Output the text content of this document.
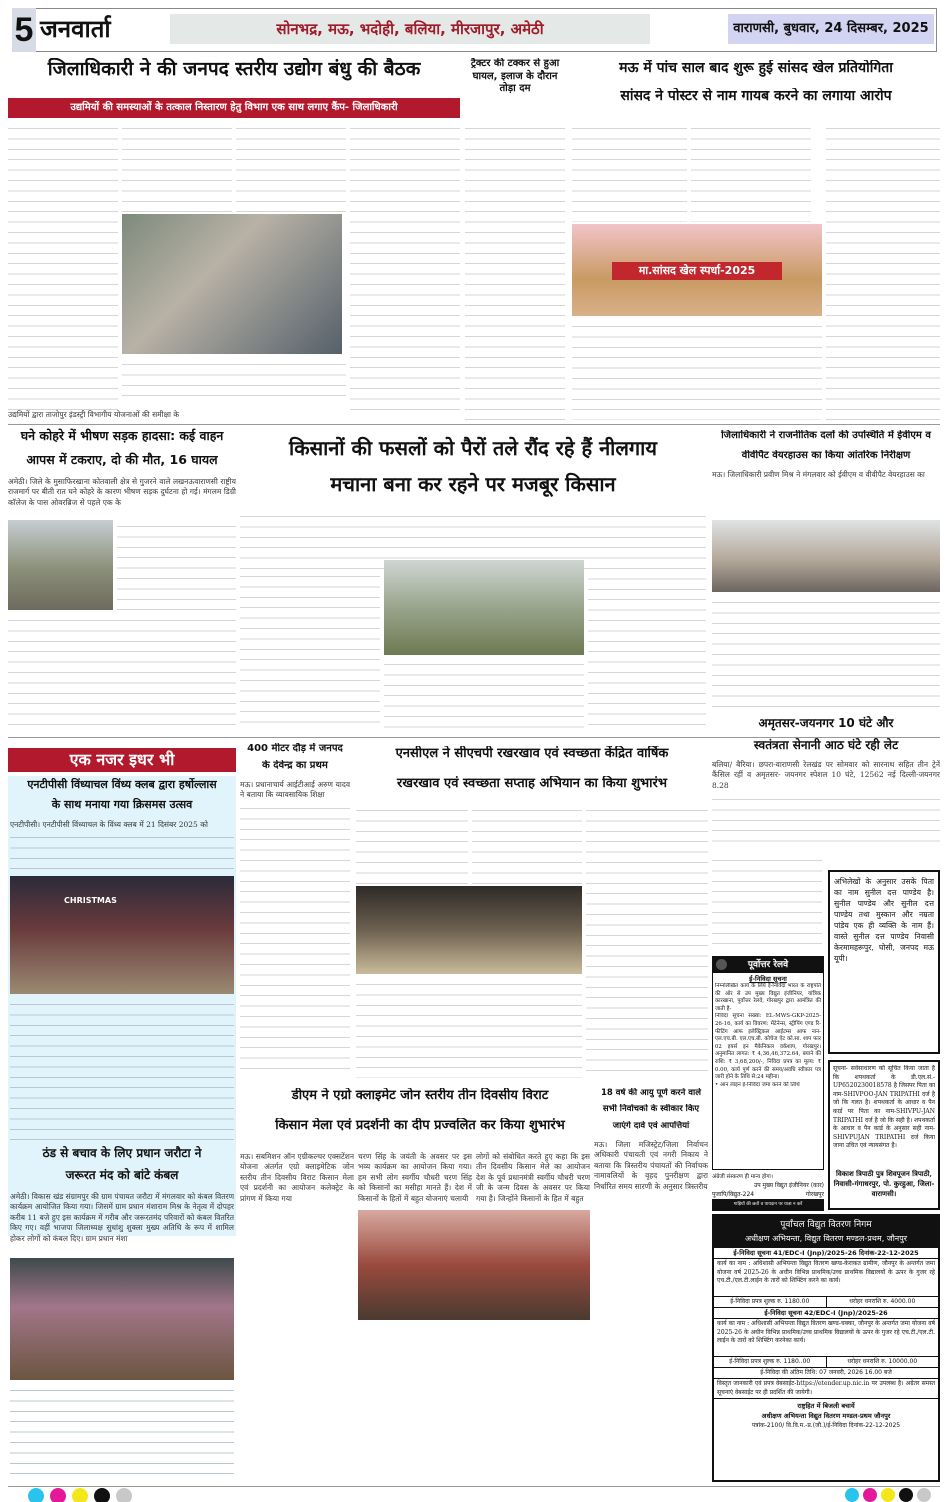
5 जनवार्ता	सोनभद्र, मऊ, भदोही, बलिया, मीरजापुर, अमेठी	वाराणसी, बुधवार, 24 दिसम्बर, 2025
जिलाधिकारी ने की जनपद स्तरीय उद्योग बंधु की बैठक
उद्यमियों की समस्याओं के तत्काल निस्तारण हेतु विभाग एक साथ लगाए कैंप- जिलाधिकारी
उद्यमियों द्वारा ताजोपुर इंडस्ट्री विभागीय योजनाओं की समीक्षा के
ट्रैक्टर की टक्कर से हुआ घायल, इलाज के दौरान तोड़ा दम
मऊ में पांच साल बाद शुरू हुई सांसद खेल प्रतियोगिता
सांसद ने पोस्टर से नाम गायब करने का लगाया आरोप
मा.सांसद खेल स्पर्धा-2025
घने कोहरे में भीषण सड़क हादसा: कई वाहन
आपस में टकराए, दो की मौत, 16 घायल
अमेठी। जिले के मुसाफिरखाना कोतवाली क्षेत्र से गुजरने वाले लखनऊवाराणसी राष्ट्रीय राजमार्ग पर बीती रात घने कोहरे के कारण भीषण सड़क दुर्घटना हो गई। मंगलम डिग्री कॉलेज के पास ओवरब्रिज से पहले एक के
किसानों की फसलों को पैरों तले रौंद रहे हैं नीलगाय
मचाना बना कर रहने पर मजबूर किसान
जिलाधिकारी ने राजनीतिक दलों की उपस्थिति में ईवीएम व
वीवीपैट वेयरहाउस का किया आंतरिक निरीक्षण
मऊ। जिलाधिकारी प्रवीण मिश्र ने मंगलवार को ईवीएम व वीवीपैट वेयरहाउस का
एक नजर इधर भी
एनटीपीसी विंध्याचल विंध्य क्लब द्वारा हर्षोल्लास
के साथ मनाया गया क्रिसमस उत्सव
एनटीपीसी। एनटीपीसी विंध्याचल के विंध्य क्लब में 21 दिसंबर 2025 को
CHRISTMAS
ठंड से बचाव के लिए प्रधान जरौटा ने
जरूरत मंद को बांटे कंबल
अमेठी। विकास खंड संग्रामपुर की ग्राम पंचायत जरौटा में मंगलवार को कंबल वितरण कार्यक्रम आयोजित किया गया। जिसमें ग्राम प्रधान मंशाराम मिश्र के नेतृत्व में दोपहर करीब 11 बजे हुए इस कार्यक्रम में गरीब और जरूरतमंद परिवारों को कंबल वितरित किए गए। वहीं भाजपा जिलाध्यक्ष सुधांशु शुक्ला मुख्य अतिथि के रूप में शामिल होकर लोगों को कंबल दिए। ग्राम प्रधान मंशा
400 मीटर दौड़ में जनपद
के देवेन्द्र का प्रथम
मऊ। प्रधानाचार्य आईटीआई अरुण यादव ने बताया कि व्यावसायिक शिक्षा
एनसीएल ने सीएचपी रखरखाव एवं स्वच्छता केंद्रित वार्षिक
रखरखाव एवं स्वच्छता सप्ताह अभियान का किया शुभारंभ
अमृतसर-जयनगर 10 घंटे और
स्वतंत्रता सेनानी आठ घंटे रही लेट
बलिया/ बैरिया। छपरा-वाराणसी रेलखंड पर सोमवार को सारनाथ सहित तीन ट्रेनें कैंसिल रहीं व अमृतसर- जयनगर स्पेशल 10 घंटे, 12562 नई दिल्ली-जयनगर 8.28
अभिलेखों के अनुसार उसके पिता का नाम सुनील दत्त पाण्डेय है। सुनील पाण्डेय और सुनील दत्त पाण्डेय तथा मुस्कान और नम्रता पांडेय एक ही व्यक्ति के नाम हैं। वास्ते सुनील दत्त पाण्डेय निवासी केरमामहरूपुर, घोसी, जनपद मऊ यूपी।
पूर्वोत्तर रेलवे
ई-निविदा सूचना
निम्नलिखित कार्य के लिये ई-निविदा भारत के राष्ट्रपति की ओर से उप मुख्य विद्युत इंजीनियर, यांत्रिक कारखाना, पूर्वोत्तर रेलवे, गोरखपुर द्वारा आमंत्रित की जाती है-
निविदा सूचना संख्या: EL-MWS-GKP-2025-26-16, कार्य का विवरण: मेंटेनेन्स, स्ट्रीपिंग एण्ड रि-फीटिंग आफ इलेक्ट्रिकल आईटम्स आफ नान-एल.एच.बी. एल.एच.बी. कोचेज ऐट को.सा. शाप फार 02 इयर्स इन मैकेनिकल वर्कशाप, गोरखपुर। अनुमानित लागत: ₹ 4,36,46,372.64, बयाने की राशि: ₹ 3,68,200/-, निविदा प्रपत्र का मूल्य: ₹ 0.00, कार्य पूर्ण करने की समय/अवधि स्वीकार पत्र जारी होने के तिथि से:24 महीना।
• आन लाइन ई-निविदा जमा करने की तिथि
अंग्रेजी संस्करण ही मान्य होगा।
उप मुख्य विद्युत इंजीनियर (कार)
पुजापि/विद्युत-224	गोरखपुर
गाड़ियों की छतों व पायदान पर यात्रा न करें
सूचना- सर्वसाधारण को सूचित किया जाता है कि शपथकर्ता के डी.एल.सं.-UP6520230018578 है जिसपर पिता का नाम-SHIVPOO-JAN TRIPATHI दर्ज है जो कि गलत है। शपथकर्ता के आधार व पैन कार्ड पर पिता का नाम-SHIVPU-JAN TRIPATHI दर्ज है जो कि सही है। शपथकर्ता के आधार व पैन कार्ड के अनुसार सही नाम-SHIVPUJAN TRIPATHI दर्ज किया जाना उचित एवं न्यायसंगत है।
विकाश त्रिपाठी पुत्र शिवपूजन त्रिपाठी, निवासी-गंगाधरपुर, पो. कुरहुआ, जिला-वाराणसी।
डीएम ने एग्रो क्लाइमेट जोन स्तरीय तीन दिवसीय विराट
किसान मेला एवं प्रदर्शनी का दीप प्रज्वलित कर किया शुभारंभ
मऊ। सबमिशन ऑन एग्रीकल्चर एक्सटेंशन योजना अंतर्गत एग्रो क्लाइमेटिक जोन स्तरीय तीन दिवसीय विराट किसान मेला एवं प्रदर्शनी का आयोजन कलेक्ट्रेट के प्रांगण में किया गया
चरण सिंह के जयंती के अवसर पर इस भव्य कार्यक्रम का आयोजन किया गया। हम सभी लोग स्वर्गीय चौधरी चरण सिंह को किसानों का मसीहा मानते हैं। देश में किसानों के हितों में बहुत योजनाएं चलायी
लोगों को संबोधित करते हुए कहा कि इस तीन दिवसीय किसान मेले का आयोजन देश के पूर्व प्रधानमंत्री स्वर्गीय चौधरी चरण जी के जन्म दिवस के अवसर पर किया गया है। जिन्होंने किसानों के हित में बहुत
18 वर्ष की आयु पूर्ण करने वाले
सभी निर्वाचको के स्वीकार किए
जाएंगे दावे एवं आपत्तियां
मऊ। जिला मजिस्ट्रेट/जिला निर्वाचन अधिकारी पंचायती एवं नगरी निकाय ने बताया कि त्रिस्तरीय पंचायतों की निर्वाचक नामावलियों के वृहद पुनरीक्षण द्वारा निर्धारित समय सारणी के अनुसार त्रिस्तरीय
पूर्वांचल विद्युत वितरण निगम
अधीक्षण अभियन्ता, विद्युत वितरण मण्डल-प्रथम, जौनपुर
ई-निविदा सूचना 41/EDC-I (Jnp)/2025-26 दिनांक-22-12-2025
कार्य का नाम : अधिशासी अभियन्ता विद्युत वितरण खण्ड-केराकत ग्रामीण, जौनपुर के अन्तर्गत जमा योजना वर्ष 2025-26 के अधीन विभिन्न प्राथमिक/उच्च प्राथमिक विद्यालयों के ऊपर के गुजर रहे एच.टी./एल.टी.लाईन के तारों को शिफ्टिंग करने का कार्य।
ई-निविदा प्रपत्र शुल्क रु. 1180.00	धरोहर धनराशि रु. 4000.00
ई-निविदा सूचना 42/EDC-I (Jnp)/2025-26
कार्य का नाम : अधिशासी अभियन्ता विद्युत वितरण खण्ड-चक्का, जौनपुर के अन्तर्गत जमा योजना वर्ष 2025-26 के अधीन विभिन्न प्राथमिक/उच्च प्राथमिक विद्यालयों के ऊपर के गुजर रहे एच.टी./एल.टी. लाईन के तारों को शिफ्टिंग करनेका कार्य।
ई-निविदा प्रपत्र शुल्क रु. 1180..00	धरोहर धनराशि रु. 10000.00
ई-निविदा की अंतिम तिथि: 07 जनवरी, 2026 16.00 बजे
विस्तृत जानकारी एवं प्रपत्र वेबसाईट-https://etender.up.nic.in पर उपलब्ध है। अग्रेतर समस्त सूचनाएं वेबसाईट पर ही प्रदर्शित की जायेगी।
राष्ट्रहित में बिजली बचायें
अधीक्षण अभियन्ता विद्युत वितरण मण्डल-प्रथम जौनपुर
पत्रांक-2100/ वि.वि.म.-प्र.(जौ.)/ई-निविदा दिनांक-22-12-2025
